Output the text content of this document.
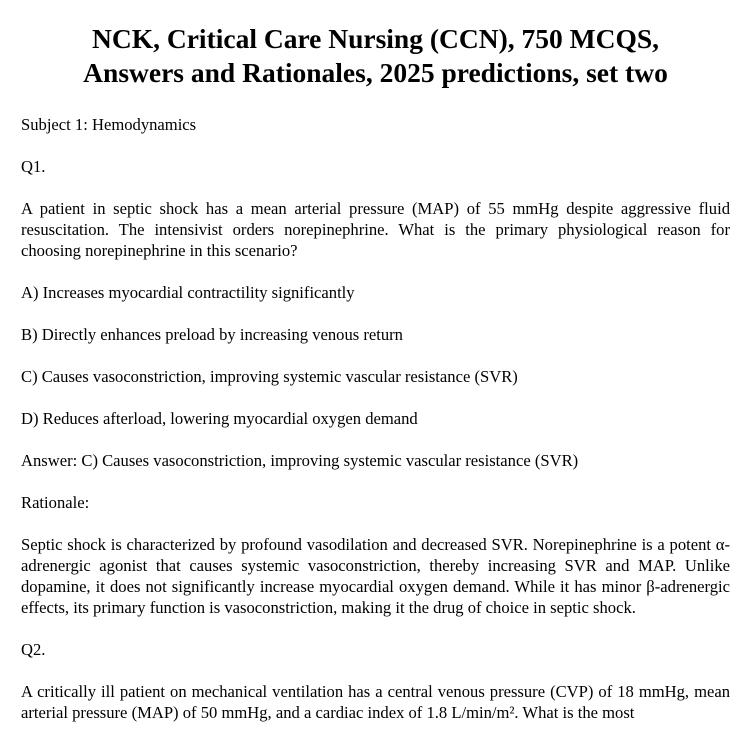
NCK, Critical Care Nursing (CCN), 750 MCQS,
Answers and Rationales, 2025 predictions, set two

Subject 1: Hemodynamics

Q1.

A patient in septic shock has a mean arterial pressure (MAP) of 55 mmHg despite aggressive fluid resuscitation. The intensivist orders norepinephrine. What is the primary physiological reason for choosing norepinephrine in this scenario?

A) Increases myocardial contractility significantly

B) Directly enhances preload by increasing venous return

C) Causes vasoconstriction, improving systemic vascular resistance (SVR)

D) Reduces afterload, lowering myocardial oxygen demand

Answer: C) Causes vasoconstriction, improving systemic vascular resistance (SVR)

Rationale:

Septic shock is characterized by profound vasodilation and decreased SVR. Norepinephrine is a potent α-adrenergic agonist that causes systemic vasoconstriction, thereby increasing SVR and MAP. Unlike dopamine, it does not significantly increase myocardial oxygen demand. While it has minor β-adrenergic effects, its primary function is vasoconstriction, making it the drug of choice in septic shock.

Q2.

A critically ill patient on mechanical ventilation has a central venous pressure (CVP) of 18 mmHg, mean arterial pressure (MAP) of 50 mmHg, and a cardiac index of 1.8 L/min/m². What is the most
